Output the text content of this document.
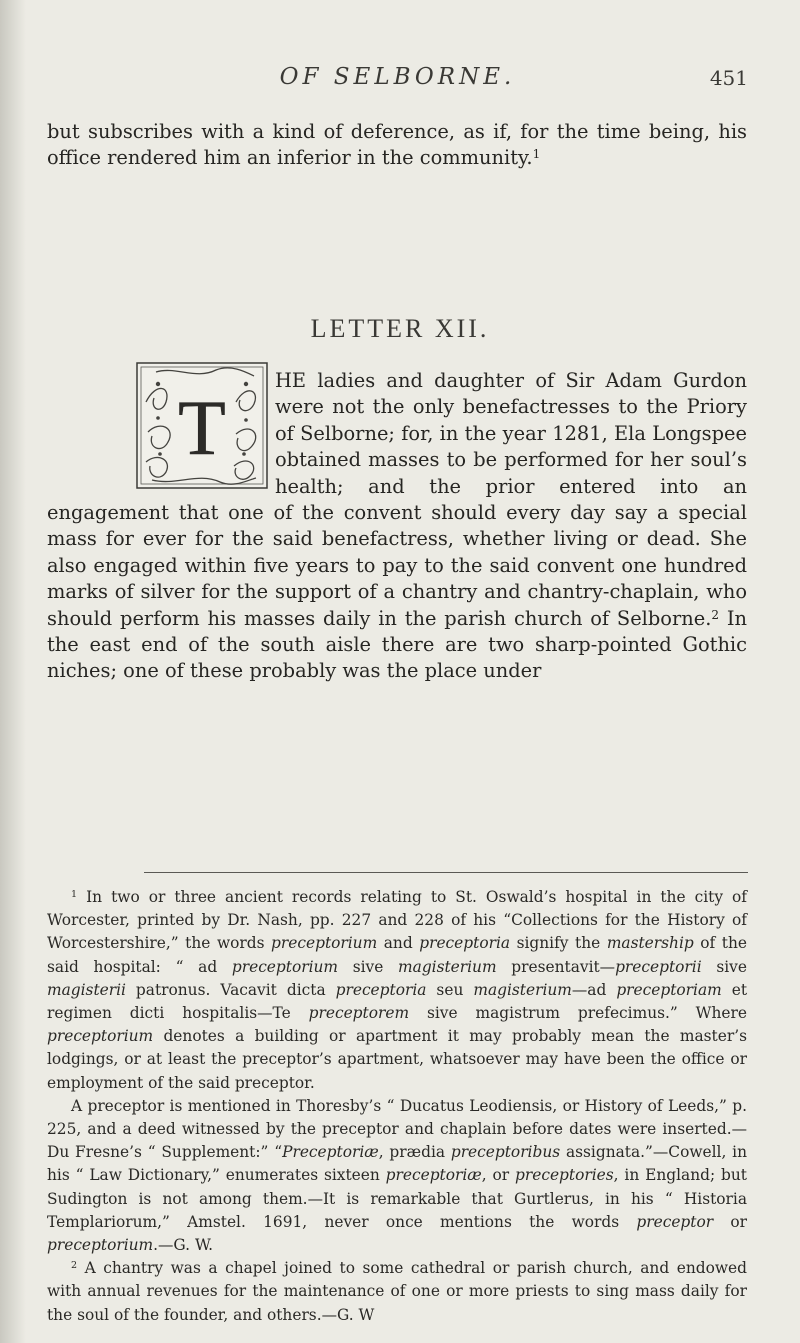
OF SELBORNE.	451

but subscribes with a kind of deference, as if, for the time being, his office rendered him an inferior in the community.$^1$

LETTER XII.

HE ladies and daughter of Sir Adam Gurdon were not the only benefactresses to the Priory of Selborne; for, in the year 1281, Ela Longspee obtained masses to be performed for her soul’s health; and the prior entered into an engagement that one of the convent should every day say a special mass for ever for the said benefactress, whether living or dead. She also engaged within five years to pay to the said convent one hundred marks of silver for the support of a chantry and chantry-chaplain, who should perform his masses daily in the parish church of Selborne.$^2$ In the east end of the south aisle there are two sharp-pointed Gothic niches; one of these probably was the place under

T

$^1$ In two or three ancient records relating to St. Oswald’s hospital in the city of Worcester, printed by Dr. Nash, pp. 227 and 228 of his “Collections for the History of Worcestershire,” the words preceptorium and preceptoria signify the mastership of the said hospital: “ ad preceptorium sive magisterium presentavit—preceptorii sive magisterii patronus. Vacavit dicta preceptoria seu magisterium—ad preceptoriam et regimen dicti hospitalis—Te preceptorem sive magistrum prefecimus.” Where preceptorium denotes a building or apartment it may probably mean the master’s lodgings, or at least the preceptor’s apartment, whatsoever may have been the office or employment of the said preceptor.

A preceptor is mentioned in Thoresby’s “ Ducatus Leodiensis, or History of Leeds,” p. 225, and a deed witnessed by the preceptor and chaplain before dates were inserted.—Du Fresne’s “ Supplement:” “Preceptoriæ, prædia preceptoribus assignata.”—Cowell, in his “ Law Dictionary,” enumerates sixteen preceptoriæ, or preceptories, in England; but Sudington is not among them.—It is remarkable that Gurtlerus, in his “ Historia Templariorum,” Amstel. 1691, never once mentions the words preceptor or preceptorium.—G. W.

$^2$ A chantry was a chapel joined to some cathedral or parish church, and endowed with annual revenues for the maintenance of one or more priests to sing mass daily for the soul of the founder, and others.—G. W
